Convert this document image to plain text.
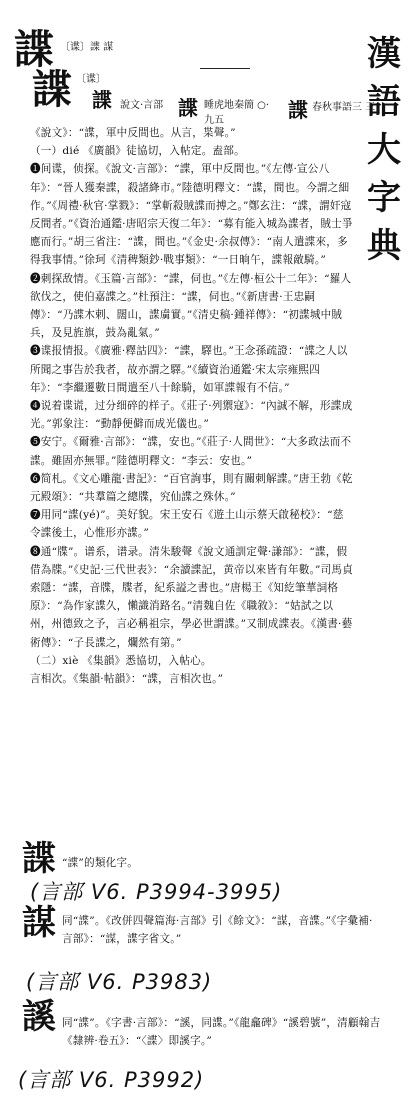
漢
語
大
字
典
諜 〔谍〕諜 謀
諜 〔谍〕
諜 說文·言部 諜 睡虎地秦簡 ○·九五	諜 春秋事語三 三
《說文》：“諜，軍中反間也。从言，枼聲。”
（一）dié 《廣韻》徒協切，入帖定。盍部。
❶间谍，侦探。《說文·言部》：“諜，軍中反間也。”《左傳·宣公八年》：“晉人獲秦諜，殺諸絳市。”陸德明釋文：“諜，間也。今謂之細作。”《周禮·秋官·掌戮》：“掌斬殺賊諜而搏之。”鄭玄注：“諜，謂奸寇反間者。”《資治通鑑·唐昭宗天復二年》：“募有能入城為諜者，賊士爭應而行。”胡三省注：“諜，間也。”《金史·余叔傳》：“南人遣諜來，多得我事情。”徐珂《清稗類鈔·戰事類》：“一日晌午，諜報敵騎。”
❷刺探敌情。《玉篇·言部》：“諜，伺也。”《左傳·桓公十二年》：“羅人欲伐之，使伯嘉諜之。”杜預注：“諜，伺也。”《新唐書·王忠嗣傳》：“乃諜木剌、闊山，諜虜實。”《清史稿·鍾祥傳》：“初諜城中賊兵，及見旌旗，鼓為亂氣。”
❸谍报情报。《廣雅·釋詁四》：“諜，驛也。”王念孫疏證：“諜之人以所聞之事告於我者，故亦謂之驛。”《續資治通鑑·宋太宗雍熙四年》：“李繼遷數日間遣至八十餘騎，如軍諜報有不信。”
❹说着谍谎，过分细碎的样子。《莊子·列禦寇》：“內誠不解，形諜成光。”郭象注：“動靜便僻而成光儀也。”
❺安宁。《爾雅·言部》：“諜，安也。”《莊子·人間世》：“大多政法而不諜。雖固亦無罪。”陸德明釋文：“李云：安也。”
❻简札。《文心雕龍·書記》：“百官詢事，則有關刺解諜。”唐王勃《乾元殿頌》：“共羣篇之總牒，究仙諜之殊休。”
❼用同“諜(yé)”。美好貌。宋王安石《遊土山示蔡天啟秘校》：“慈令諜後土，心惟形亦諜。”
❽通“牒”。谱系，谱录。清朱駿聲《說文通訓定聲·謙部》：“諜，假借為牒。”《史記·三代世表》：“余讀諜記，黄帝以來皆有年數。”司馬貞索隱：“諜，音牒，牒者，紀系謚之書也。”唐楊王《知紇筆華詞格原》：“為作家諜久，懶識消路名。”清魏自佐《職敘》：“姑試之以州，州德致之予，言必稱祖宗，學必世謂諜。”又制成諜表。《漢書·藝術傳》：“子長諜之，爛然有第。”
（二）xiè 《集韻》悉協切，入帖心。
言相次。《集韻·帖韻》：“諜，言相次也。”
諜 “諜”的類化字。
(言部 V6. P3994-3995)
謀 同“諜”。《改併四聲篇海·言部》引《餘文》：“謀，音諜。”《字彙補·言部》：“謀，諜字省文。”
(言部 V6. P3983)
謑 同“諜”。《字書·言部》：“謑，同諜。”《龍龕碑》“謑碧號”，清顧翰吉《隸辨·卷五》：“〈諜〉即謑字。”
(言部 V6. P3992)
